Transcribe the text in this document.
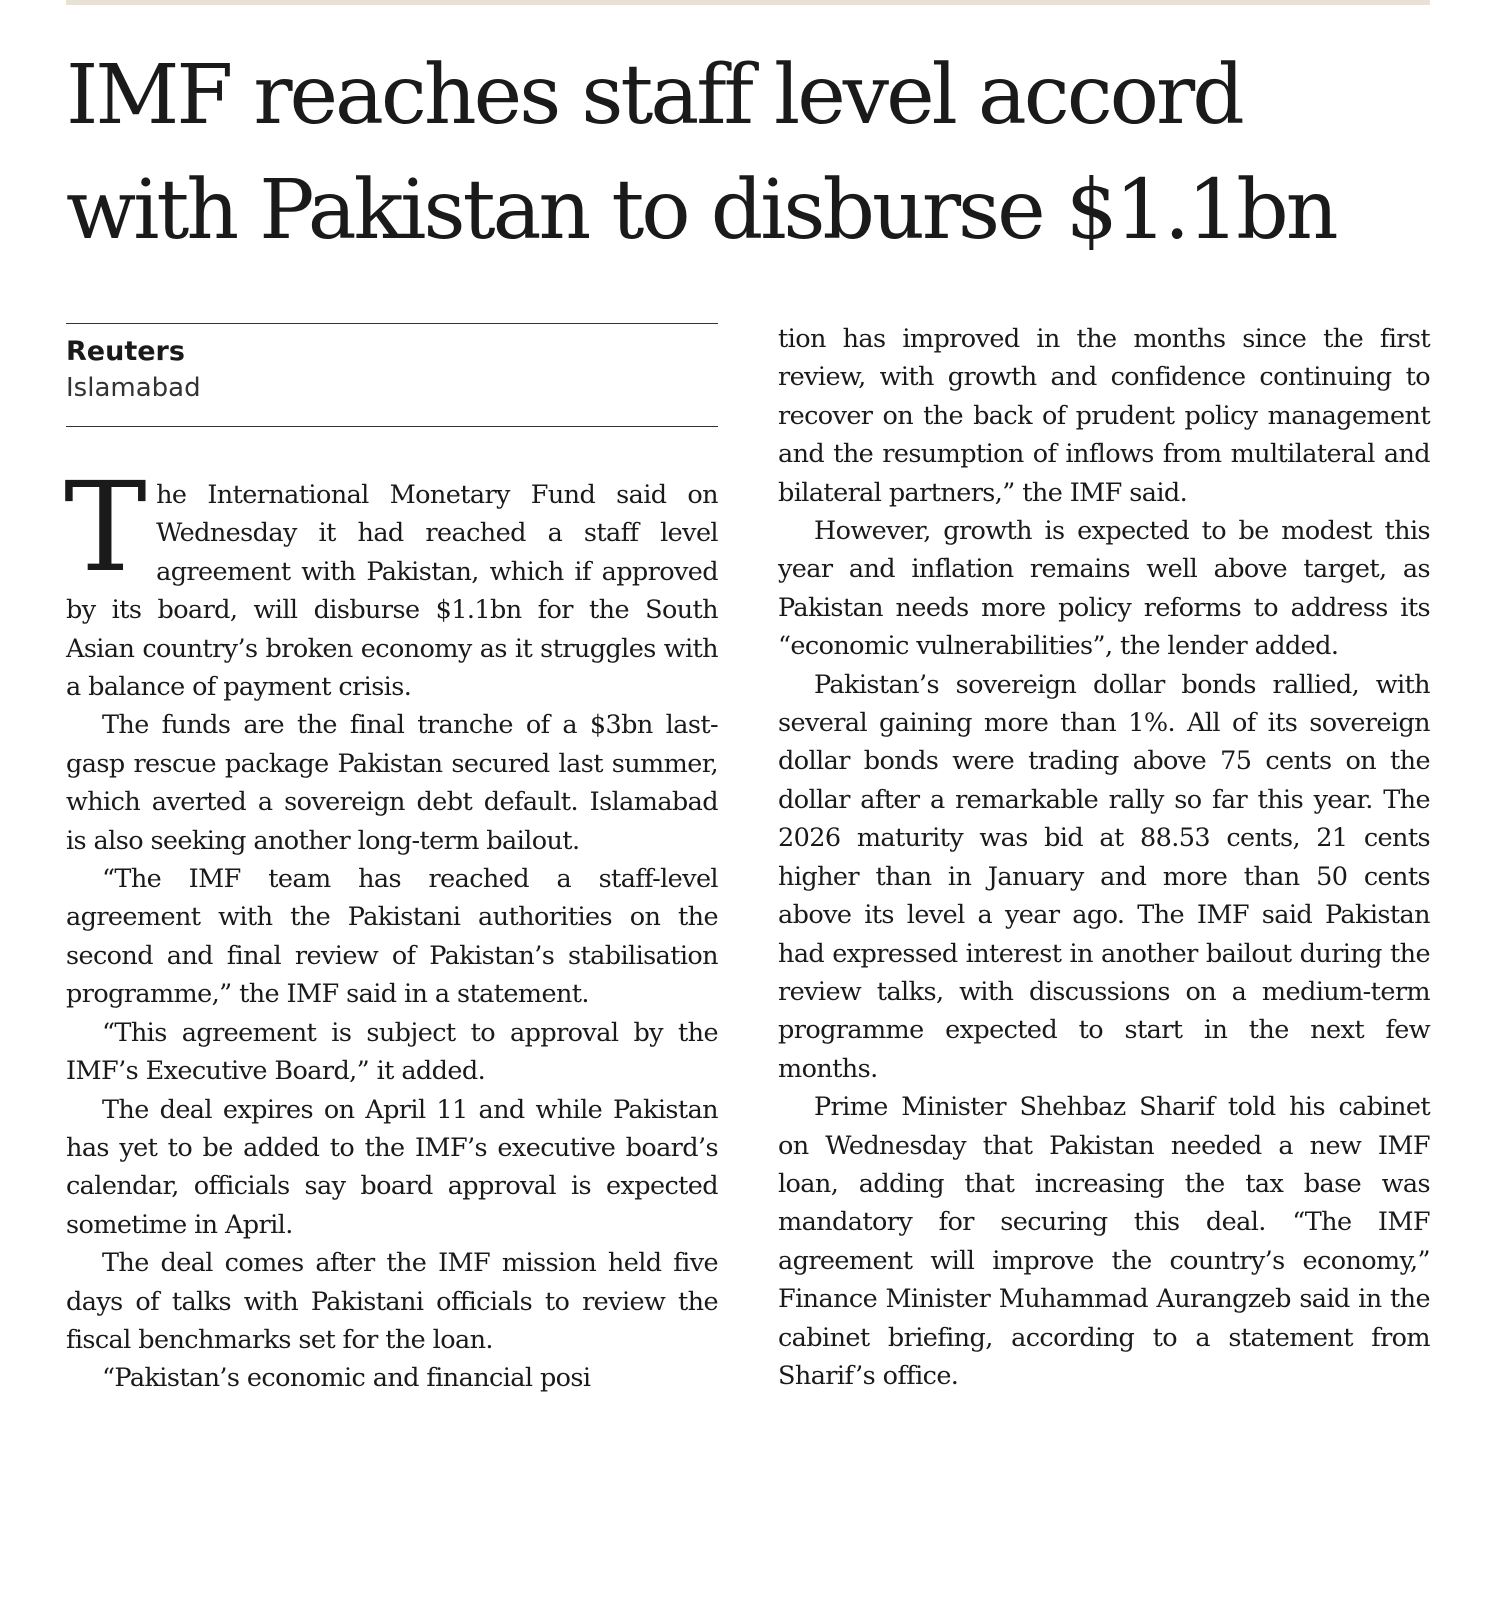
IMF reaches staff level accord with Pakistan to disburse $1.1bn
Reuters
Islamabad

The International Monetary Fund said on Wednesday it had reached a staff level agreement with Pakistan, which if approved by its board, will disburse $1.1bn for the South Asian country’s broken economy as it struggles with a balance of payment crisis.

The funds are the final tranche of a $3bn last-gasp rescue package Pakistan secured last summer, which averted a sovereign debt default. Islamabad is also seeking another long-term bailout.

“The IMF team has reached a staff-level agreement with the Pakistani authorities on the second and final review of Pakistan’s stabilisation programme,” the IMF said in a statement.

“This agreement is subject to approval by the IMF’s Executive Board,” it added.

The deal expires on April 11 and while Pakistan has yet to be added to the IMF’s executive board’s calendar, officials say board approval is expected sometime in April.

The deal comes after the IMF mission held five days of talks with Pakistani officials to review the fiscal benchmarks set for the loan.

“Pakistan’s economic and financial posi

tion has improved in the months since the first review, with growth and confidence continuing to recover on the back of prudent policy management and the resumption of inflows from multilateral and bilateral partners,” the IMF said.

However, growth is expected to be modest this year and inflation remains well above target, as Pakistan needs more policy reforms to address its “economic vulnerabilities”, the lender added.

Pakistan’s sovereign dollar bonds rallied, with several gaining more than 1%. All of its sovereign dollar bonds were trading above 75 cents on the dollar after a remarkable rally so far this year. The 2026 maturity was bid at 88.53 cents, 21 cents higher than in January and more than 50 cents above its level a year ago. The IMF said Pakistan had expressed interest in another bailout during the review talks, with discussions on a medium-term programme expected to start in the next few months.

Prime Minister Shehbaz Sharif told his cabinet on Wednesday that Pakistan needed a new IMF loan, adding that increasing the tax base was mandatory for securing this deal. “The IMF agreement will improve the country’s economy,” Finance Minister Muhammad Aurangzeb said in the cabinet briefing, according to a statement from Sharif’s office.
